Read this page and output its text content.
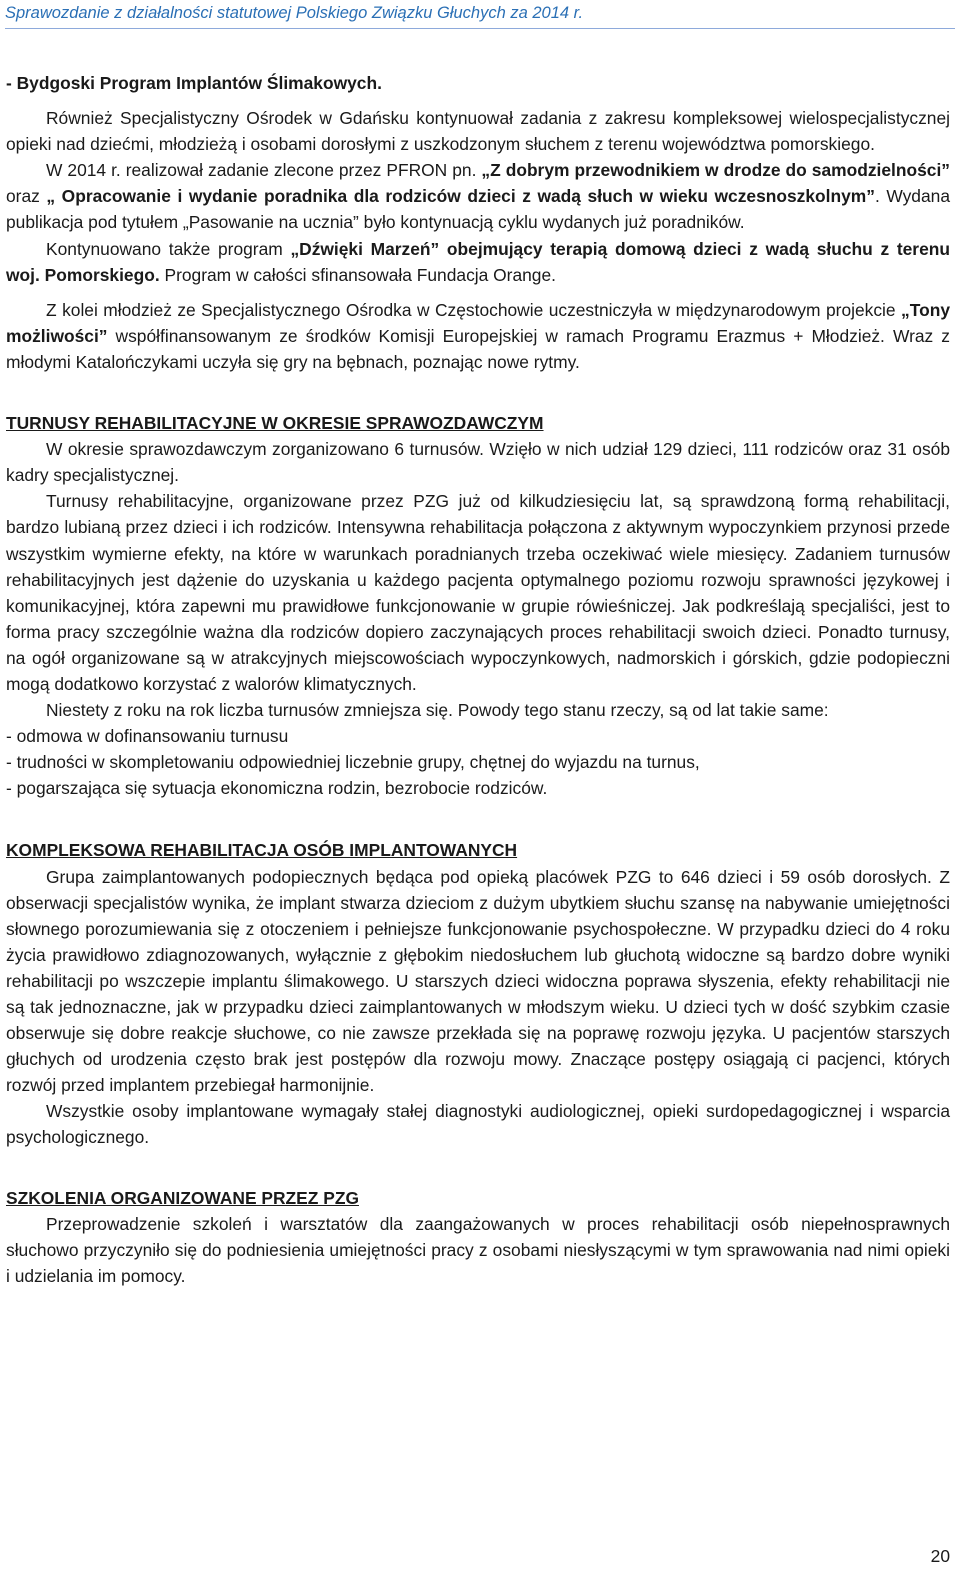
Sprawozdanie z działalności statutowej Polskiego Związku Głuchych za 2014 r.

- Bydgoski Program Implantów Ślimakowych.

Również Specjalistyczny Ośrodek w Gdańsku kontynuował zadania z zakresu kompleksowej wielospecjalistycznej opieki nad dziećmi, młodzieżą i osobami dorosłymi z uszkodzonym słuchem z terenu województwa pomorskiego.

W 2014 r. realizował zadanie zlecone przez PFRON pn. „Z dobrym przewodnikiem w drodze do samodzielności” oraz „ Opracowanie i wydanie poradnika dla rodziców dzieci z wadą słuch w wieku wczesnoszkolnym”. Wydana publikacja pod tytułem „Pasowanie na ucznia” było kontynuacją cyklu wydanych już poradników.

Kontynuowano także program „Dźwięki Marzeń” obejmujący terapią domową dzieci z wadą słuchu z terenu woj. Pomorskiego. Program w całości sfinansowała Fundacja Orange.

Z kolei młodzież ze Specjalistycznego Ośrodka w Częstochowie uczestniczyła w międzynarodowym projekcie „Tony możliwości” współfinansowanym ze środków Komisji Europejskiej w ramach Programu Erazmus + Młodzież. Wraz z młodymi Katalończykami uczyła się gry na bębnach, poznając nowe rytmy.

TURNUSY REHABILITACYJNE W OKRESIE SPRAWOZDAWCZYM

W okresie sprawozdawczym zorganizowano 6 turnusów. Wzięło w nich udział 129 dzieci, 111 rodziców oraz 31 osób kadry specjalistycznej.

Turnusy rehabilitacyjne, organizowane przez PZG już od kilkudziesięciu lat, są sprawdzoną formą rehabilitacji, bardzo lubianą przez dzieci i ich rodziców. Intensywna rehabilitacja połączona z aktywnym wypoczynkiem przynosi przede wszystkim wymierne efekty, na które w warunkach poradnianych trzeba oczekiwać wiele miesięcy. Zadaniem turnusów rehabilitacyjnych jest dążenie do uzyskania u każdego pacjenta optymalnego poziomu rozwoju sprawności językowej i komunikacyjnej, która zapewni mu prawidłowe funkcjonowanie w grupie rówieśniczej. Jak podkreślają specjaliści, jest to forma pracy szczególnie ważna dla rodziców dopiero zaczynających proces rehabilitacji swoich dzieci. Ponadto turnusy, na ogół organizowane są w atrakcyjnych miejscowościach wypoczynkowych, nadmorskich i górskich, gdzie podopieczni mogą dodatkowo korzystać z walorów klimatycznych.

Niestety z roku na rok liczba turnusów zmniejsza się. Powody tego stanu rzeczy, są od lat takie same:

- odmowa w dofinansowaniu turnusu

- trudności w skompletowaniu odpowiedniej liczebnie grupy, chętnej do wyjazdu na turnus,

- pogarszająca się sytuacja ekonomiczna rodzin, bezrobocie rodziców.

KOMPLEKSOWA REHABILITACJA OSÓB IMPLANTOWANYCH

Grupa zaimplantowanych podopiecznych będąca pod opieką placówek PZG to 646 dzieci i 59 osób dorosłych. Z obserwacji specjalistów wynika, że implant stwarza dzieciom z dużym ubytkiem słuchu szansę na nabywanie umiejętności słownego porozumiewania się z otoczeniem i pełniejsze funkcjonowanie psychospołeczne. W przypadku dzieci do 4 roku życia prawidłowo zdiagnozowanych, wyłącznie z głębokim niedosłuchem lub głuchotą widoczne są bardzo dobre wyniki rehabilitacji po wszczepie implantu ślimakowego. U starszych dzieci widoczna poprawa słyszenia, efekty rehabilitacji nie są tak jednoznaczne, jak w przypadku dzieci zaimplantowanych w młodszym wieku. U dzieci tych w dość szybkim czasie obserwuje się dobre reakcje słuchowe, co nie zawsze przekłada się na poprawę rozwoju języka. U pacjentów starszych głuchych od urodzenia często brak jest postępów dla rozwoju mowy. Znaczące postępy osiągają ci pacjenci, których rozwój przed implantem przebiegał harmonijnie.

Wszystkie osoby implantowane wymagały stałej diagnostyki audiologicznej, opieki surdopedagogicznej i wsparcia psychologicznego.

SZKOLENIA ORGANIZOWANE PRZEZ PZG

Przeprowadzenie szkoleń i warsztatów dla zaangażowanych w proces rehabilitacji osób niepełnosprawnych słuchowo przyczyniło się do podniesienia umiejętności pracy z osobami niesłyszącymi w tym sprawowania nad nimi opieki i udzielania im pomocy.

20
